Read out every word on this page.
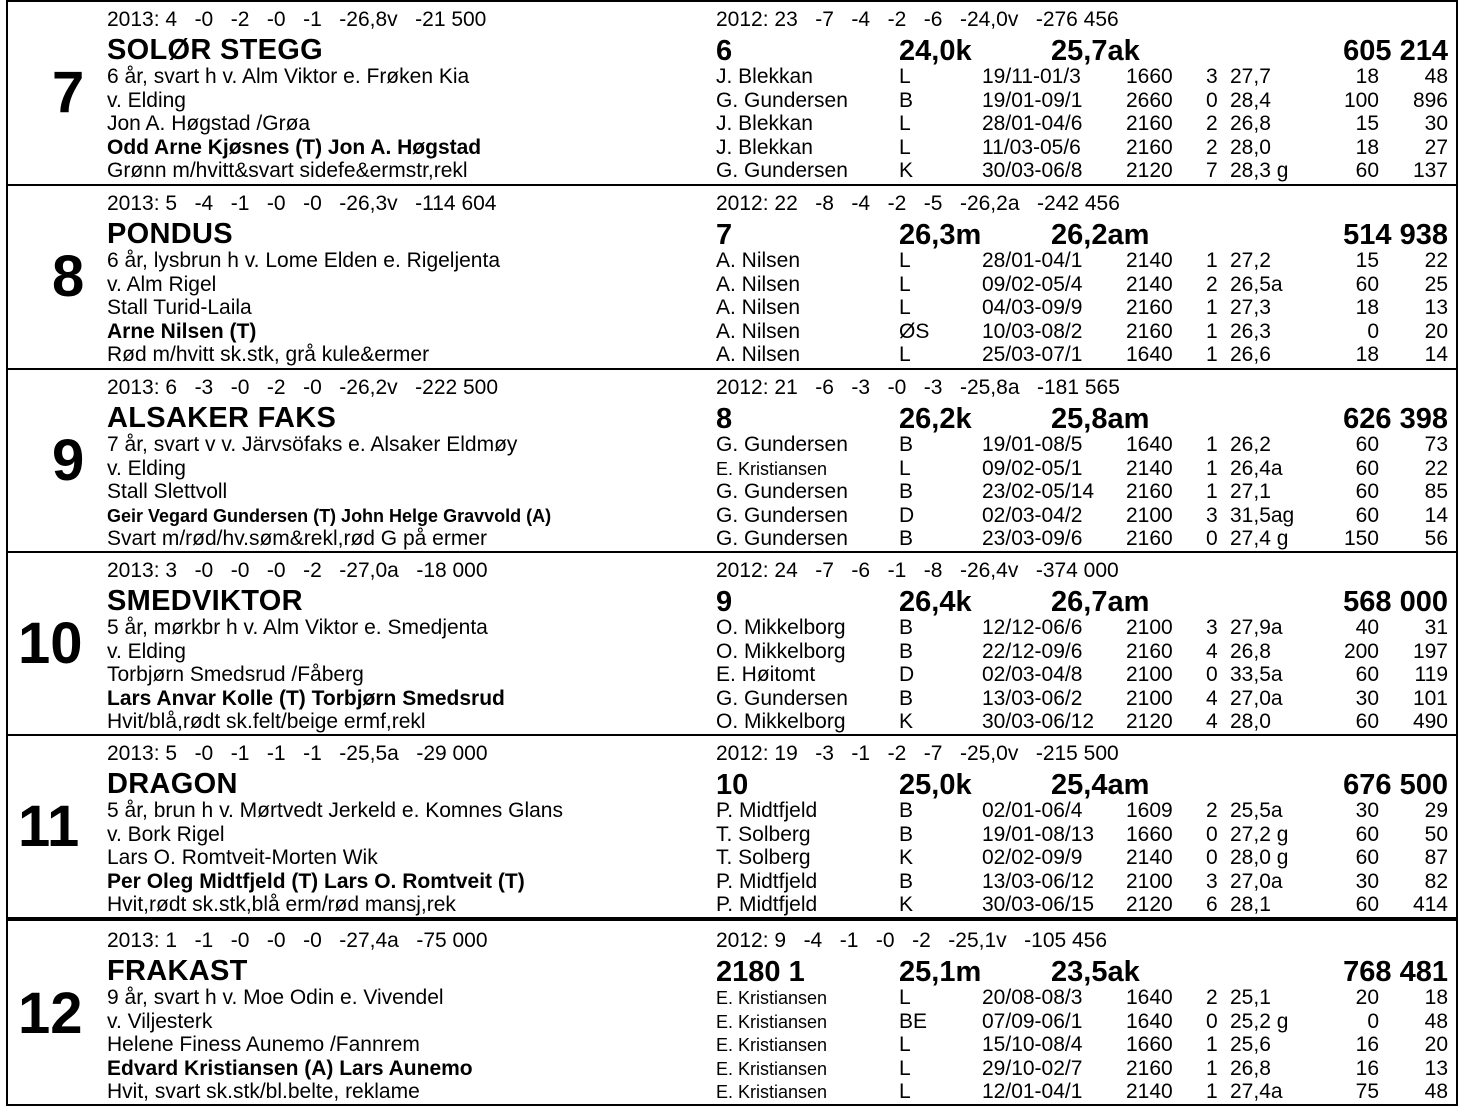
2013: 4   -0   -2   -0   -1   -26,8v   -21 500	2012: 23   -7   -4   -2   -6   -24,0v   -276 456
SOLØR STEGG	6	24,0k	25,7ak	605 214
7 6 år, svart h v. Alm Viktor e. Frøken Kia
v. Elding
Jon A. Høgstad /Grøa
Odd Arne Kjøsnes (T) Jon A. Høgstad
Grønn m/hvitt&svart sidefe&ermstr,rekl
J. Blekkan	L	19/11-01/3 1660 3 27,7	18	48
G. Gundersen B	19/01-09/1 2660 0 28,4	100	896
J. Blekkan	L	28/01-04/6 2160 2 26,8	15	30
J. Blekkan	L	11/03-05/6 2160 2 28,0	18	27
G. Gundersen K	30/03-06/8 2120 7 28,3 g	60	137
2013: 5   -4   -1   -0   -0   -26,3v   -114 604	2012: 22   -8   -4   -2   -5   -26,2a   -242 456
PONDUS	7	26,3m 26,2am	514 938
8 6 år, lysbrun h v. Lome Elden e. Rigeljenta
v. Alm Rigel
Stall Turid-Laila
Arne Nilsen (T)
Rød m/hvitt sk.stk, grå kule&ermer
A. Nilsen	L	28/01-04/1 2140 1 27,2	15	22
A. Nilsen	L	09/02-05/4 2140 2 26,5a	60	25
A. Nilsen	L	04/03-09/9 2160 1 27,3	18	13
A. Nilsen	ØS	10/03-08/2 2160 1 26,3	0	20
A. Nilsen	L	25/03-07/1 1640 1 26,6	18	14
2013: 6   -3   -0   -2   -0   -26,2v   -222 500	2012: 21   -6   -3   -0   -3   -25,8a   -181 565
ALSAKER FAKS	8	26,2k	25,8am	626 398
9 7 år, svart v v. Järvsöfaks e. Alsaker Eldmøy
v. Elding
Stall Slettvoll
Geir Vegard Gundersen (T) John Helge Gravvold (A)
Svart m/rød/hv.søm&rekl,rød G på ermer
G. Gundersen B	19/01-08/5 1640 1 26,2	60	73
E. Kristiansen	L	09/02-05/1 2140 1 26,4a	60	22
G. Gundersen B	23/02-05/14 2160 1 27,1	60	85
G. Gundersen D	02/03-04/2 2100 3 31,5ag	60	14
G. Gundersen B	23/03-09/6 2160 0 27,4 g	150	56
2013: 3   -0   -0   -0   -2   -27,0a   -18 000	2012: 24   -7   -6   -1   -8   -26,4v   -374 000
SMEDVIKTOR	9	26,4k	26,7am	568 000
10 5 år, mørkbr h v. Alm Viktor e. Smedjenta
v. Elding
Torbjørn Smedsrud /Fåberg
Lars Anvar Kolle (T) Torbjørn Smedsrud
Hvit/blå,rødt sk.felt/beige ermf,rekl
O. Mikkelborg	B	12/12-06/6 2100 3 27,9a	40	31
O. Mikkelborg	B	22/12-09/6 2160 4 26,8	200	197
E. Høitomt	D	02/03-04/8 2100 0 33,5a	60	119
G. Gundersen B	13/03-06/2 2100 4 27,0a	30	101
O. Mikkelborg	K	30/03-06/12 2120 4 28,0	60	490
2013: 5   -0   -1   -1   -1   -25,5a   -29 000	2012: 19   -3   -1   -2   -7   -25,0v   -215 500
DRAGON	10	25,0k	25,4am	676 500
11 5 år, brun h v. Mørtvedt Jerkeld e. Komnes Glans
v. Bork Rigel
Lars O. Romtveit-Morten Wik
Per Oleg Midtfjeld (T) Lars O. Romtveit (T)
Hvit,rødt sk.stk,blå erm/rød mansj,rek
P. Midtfjeld	B	02/01-06/4 1609 2 25,5a	30	29
T. Solberg	B	19/01-08/13 1660 0 27,2 g	60	50
T. Solberg	K	02/02-09/9 2140 0 28,0 g	60	87
P. Midtfjeld	B	13/03-06/12 2100 3 27,0a	30	82
P. Midtfjeld	K	30/03-06/15 2120 6 28,1	60	414
2013: 1   -1   -0   -0   -0   -27,4a   -75 000	2012: 9   -4   -1   -0   -2   -25,1v   -105 456
FRAKAST	2180 1	25,1m 23,5ak	768 481
12 9 år, svart h v. Moe Odin e. Vivendel
v. Viljesterk
Helene Finess Aunemo /Fannrem
Edvard Kristiansen (A) Lars Aunemo
Hvit, svart sk.stk/bl.belte, reklame
E. Kristiansen	L	20/08-08/3 1640 2 25,1	20	18
E. Kristiansen	BE	07/09-06/1 1640 0 25,2 g	0	48
E. Kristiansen	L	15/10-08/4 1660 1 25,6	16	20
E. Kristiansen	L	29/10-02/7 2160 1 26,8	16	13
E. Kristiansen	L	12/01-04/1 2140 1 27,4a	75	48
